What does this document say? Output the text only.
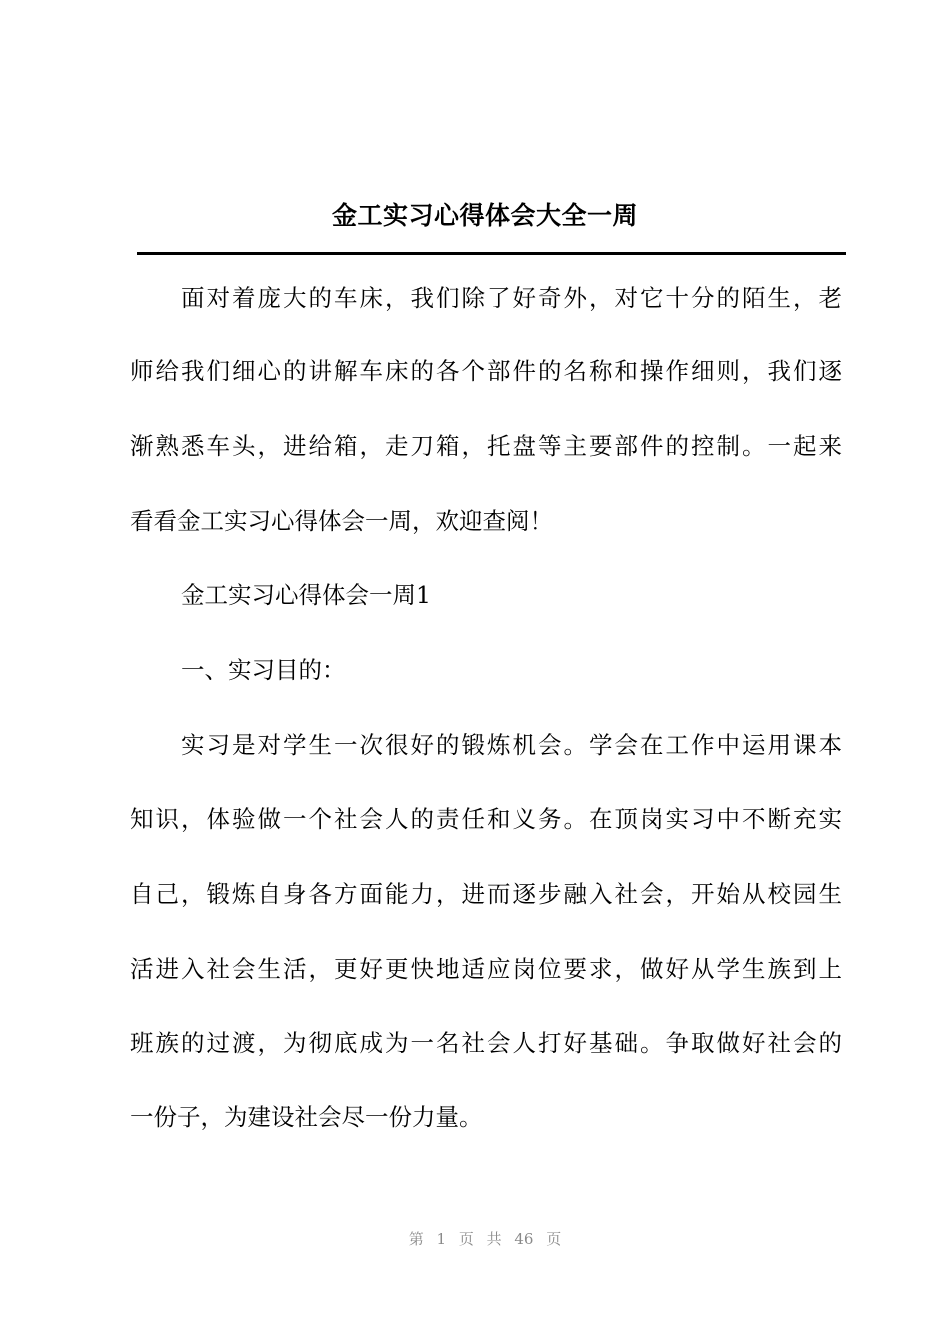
金工实习心得体会大全一周
面对着庞大的车床，我们除了好奇外，对它十分的陌生，老
师给我们细心的讲解车床的各个部件的名称和操作细则，我们逐
渐熟悉车头，进给箱，走刀箱，托盘等主要部件的控制。一起来
看看金工实习心得体会一周，欢迎查阅！
金工实习心得体会一周1
一、实习目的：
实习是对学生一次很好的锻炼机会。学会在工作中运用课本
知识，体验做一个社会人的责任和义务。在顶岗实习中不断充实
自己，锻炼自身各方面能力，进而逐步融入社会，开始从校园生
活进入社会生活，更好更快地适应岗位要求，做好从学生族到上
班族的过渡，为彻底成为一名社会人打好基础。争取做好社会的
一份子，为建设社会尽一份力量。
第 1 页 共 46 页
